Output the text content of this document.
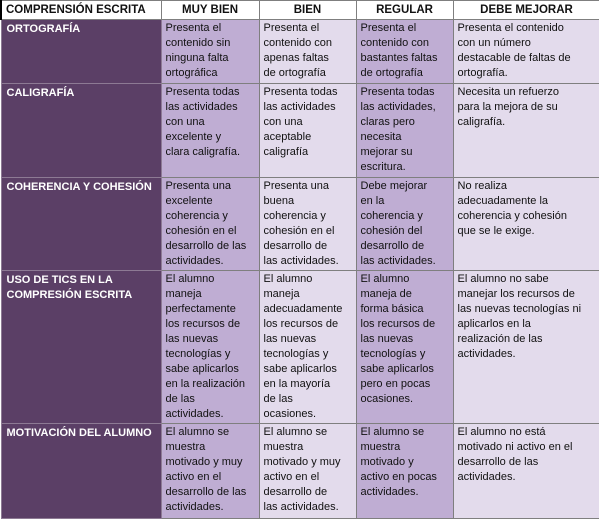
COMPRENSIÓN ESCRITA	MUY BIEN	BIEN	REGULAR	DEBE MEJORAR
ORTOGRAFÍA	Presenta el contenido sin ninguna falta ortográfica	Presenta el contenido con apenas faltas de ortografía	Presenta el contenido con bastantes faltas de ortografía	Presenta el contenido con un número destacable de faltas de ortografía.

CALIGRAFÍA	Presenta todas las actividades con una excelente y clara caligrafía.	Presenta todas las actividades con una aceptable caligrafía	Presenta todas las actividades, claras pero necesita mejorar su escritura.	Necesita un refuerzo para la mejora de su caligrafía.

COHERENCIA Y COHESIÓN	Presenta una excelente coherencia y cohesión en el desarrollo de las actividades.	Presenta una buena coherencia y cohesión en el desarrollo de las actividades.	Debe mejorar en la coherencia y cohesión del desarrollo de las actividades.	No realiza adecuadamente la coherencia y cohesión que se le exige.

USO DE TICS EN LA COMPRESIÓN ESCRITA	El alumno maneja perfectamente los recursos de las nuevas tecnologías y sabe aplicarlos en la realización de las actividades.	El alumno maneja adecuadamente los recursos de las nuevas tecnologías y sabe aplicarlos en la mayoría de las ocasiones.	El alumno maneja de forma básica los recursos de las nuevas tecnologías y sabe aplicarlos pero en pocas ocasiones.	El alumno no sabe manejar los recursos de las nuevas tecnologías ni aplicarlos en la realización de las actividades.

MOTIVACIÓN DEL ALUMNO	El alumno se muestra motivado y muy activo en el desarrollo de las actividades.	El alumno se muestra motivado y muy activo en el desarrollo de las actividades.	El alumno se muestra motivado y activo en pocas actividades.	El alumno no está motivado ni activo en el desarrollo de las actividades.
